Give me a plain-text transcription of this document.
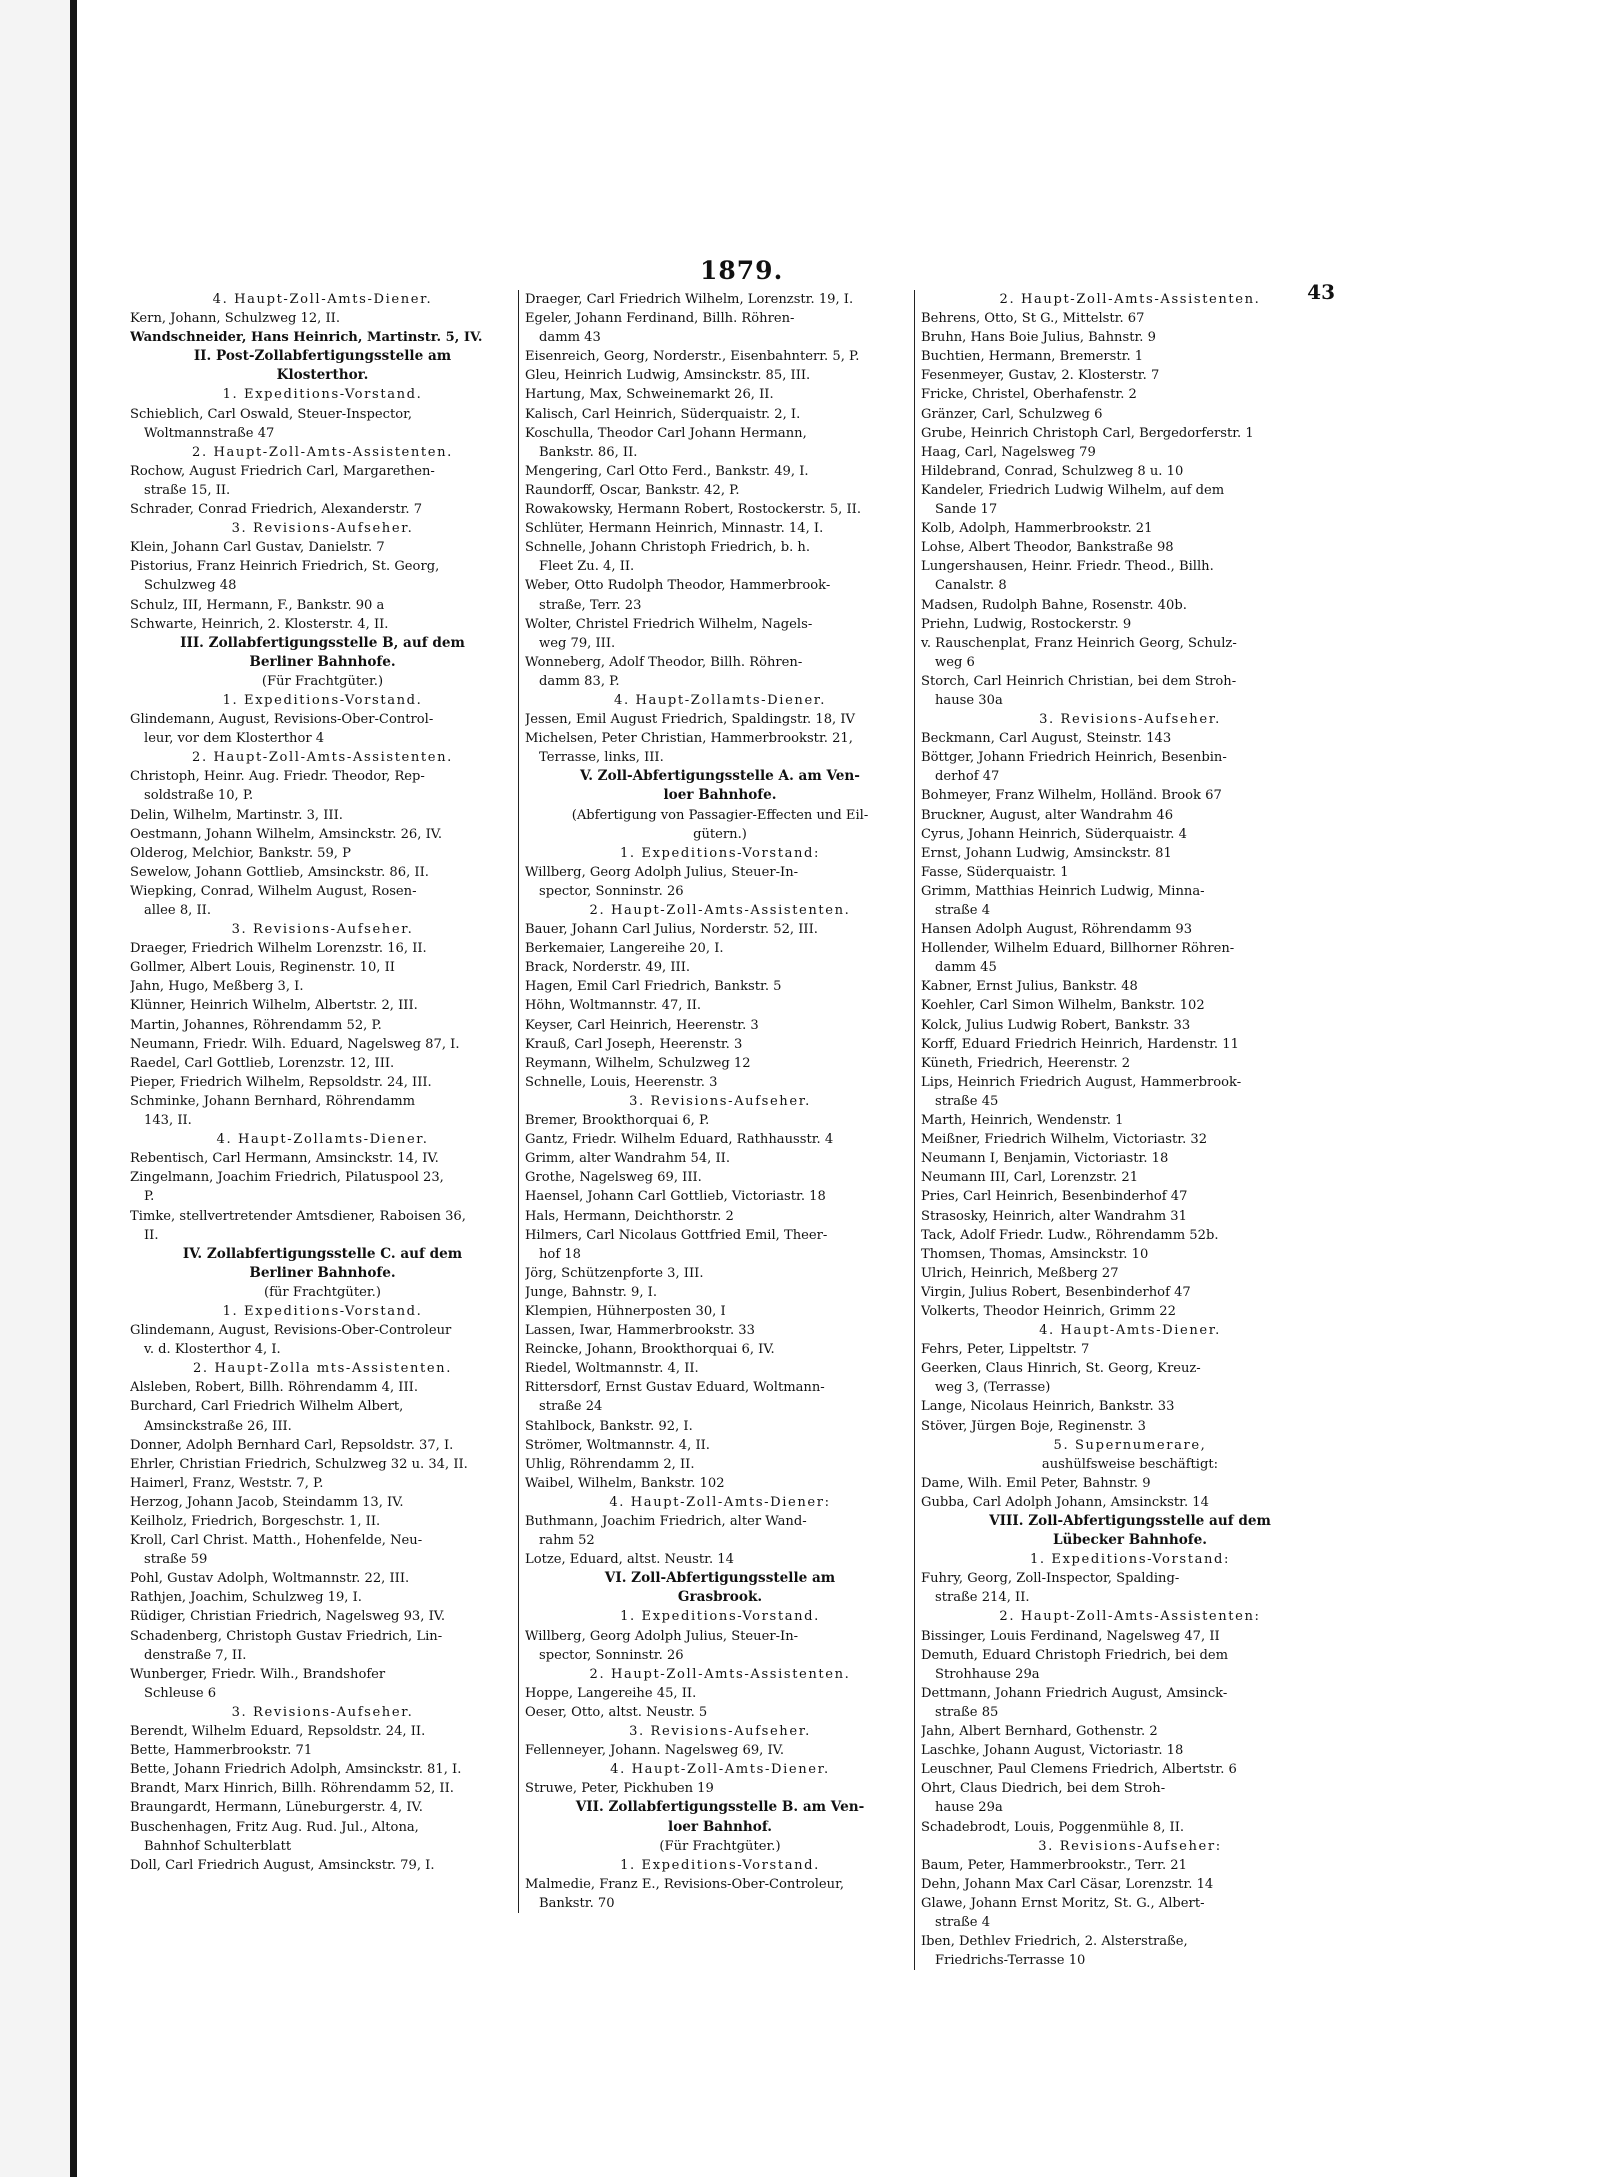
1879.
43
4. Haupt-Zoll-Amts-Diener.
Kern, Johann, Schulzweg 12, II.
Wandschneider, Hans Heinrich, Martinstr. 5, IV.
II. Post-Zollabfertigungsstelle am
Klosterthor.
1. Expeditions-Vorstand.
Schieblich, Carl Oswald, Steuer-Inspector,
Woltmannstraße 47
2. Haupt-Zoll-Amts-Assistenten.
Rochow, August Friedrich Carl, Margarethen-
straße 15, II.
Schrader, Conrad Friedrich, Alexanderstr. 7
3. Revisions-Aufseher.
Klein, Johann Carl Gustav, Danielstr. 7
Pistorius, Franz Heinrich Friedrich, St. Georg,
Schulzweg 48
Schulz, III, Hermann, F., Bankstr. 90 a
Schwarte, Heinrich, 2. Klosterstr. 4, II.
III. Zollabfertigungsstelle B, auf dem
Berliner Bahnhofe.
(Für Frachtgüter.)
1. Expeditions-Vorstand.
Glindemann, August, Revisions-Ober-Control-
leur, vor dem Klosterthor 4
2. Haupt-Zoll-Amts-Assistenten.
Christoph, Heinr. Aug. Friedr. Theodor, Rep-
soldstraße 10, P.
Delin, Wilhelm, Martinstr. 3, III.
Oestmann, Johann Wilhelm, Amsinckstr. 26, IV.
Olderog, Melchior, Bankstr. 59, P
Sewelow, Johann Gottlieb, Amsinckstr. 86, II.
Wiepking, Conrad, Wilhelm August, Rosen-
allee 8, II.
3. Revisions-Aufseher.
Draeger, Friedrich Wilhelm Lorenzstr. 16, II.
Gollmer, Albert Louis, Reginenstr. 10, II
Jahn, Hugo, Meßberg 3, I.
Klünner, Heinrich Wilhelm, Albertstr. 2, III.
Martin, Johannes, Röhrendamm 52, P.
Neumann, Friedr. Wilh. Eduard, Nagelsweg 87, I.
Raedel, Carl Gottlieb, Lorenzstr. 12, III.
Pieper, Friedrich Wilhelm, Repsoldstr. 24, III.
Schminke, Johann Bernhard, Röhrendamm
143, II.
4. Haupt-Zollamts-Diener.
Rebentisch, Carl Hermann, Amsinckstr. 14, IV.
Zingelmann, Joachim Friedrich, Pilatuspool 23,
P.
Timke, stellvertretender Amtsdiener, Raboisen 36,
II.
IV. Zollabfertigungsstelle C. auf dem
Berliner Bahnhofe.
(für Frachtgüter.)
1. Expeditions-Vorstand.
Glindemann, August, Revisions-Ober-Controleur
v. d. Klosterthor 4, I.
2. Haupt-Zolla mts-Assistenten.
Alsleben, Robert, Billh. Röhrendamm 4, III.
Burchard, Carl Friedrich Wilhelm Albert,
Amsinckstraße 26, III.
Donner, Adolph Bernhard Carl, Repsoldstr. 37, I.
Ehrler, Christian Friedrich, Schulzweg 32 u. 34, II.
Haimerl, Franz, Weststr. 7, P.
Herzog, Johann Jacob, Steindamm 13, IV.
Keilholz, Friedrich, Borgeschstr. 1, II.
Kroll, Carl Christ. Matth., Hohenfelde, Neu-
straße 59
Pohl, Gustav Adolph, Woltmannstr. 22, III.
Rathjen, Joachim, Schulzweg 19, I.
Rüdiger, Christian Friedrich, Nagelsweg 93, IV.
Schadenberg, Christoph Gustav Friedrich, Lin-
denstraße 7, II.
Wunberger, Friedr. Wilh., Brandshofer
Schleuse 6
3. Revisions-Aufseher.
Berendt, Wilhelm Eduard, Repsoldstr. 24, II.
Bette, Hammerbrookstr. 71
Bette, Johann Friedrich Adolph, Amsinckstr. 81, I.
Brandt, Marx Hinrich, Billh. Röhrendamm 52, II.
Braungardt, Hermann, Lüneburgerstr. 4, IV.
Buschenhagen, Fritz Aug. Rud. Jul., Altona,
Bahnhof Schulterblatt
Doll, Carl Friedrich August, Amsinckstr. 79, I.
Draeger, Carl Friedrich Wilhelm, Lorenzstr. 19, I.
Egeler, Johann Ferdinand, Billh. Röhren-
damm 43
Eisenreich, Georg, Norderstr., Eisenbahnterr. 5, P.
Gleu, Heinrich Ludwig, Amsinckstr. 85, III.
Hartung, Max, Schweinemarkt 26, II.
Kalisch, Carl Heinrich, Süderquaistr. 2, I.
Koschulla, Theodor Carl Johann Hermann,
Bankstr. 86, II.
Mengering, Carl Otto Ferd., Bankstr. 49, I.
Raundorff, Oscar, Bankstr. 42, P.
Rowakowsky, Hermann Robert, Rostockerstr. 5, II.
Schlüter, Hermann Heinrich, Minnastr. 14, I.
Schnelle, Johann Christoph Friedrich, b. h.
Fleet Zu. 4, II.
Weber, Otto Rudolph Theodor, Hammerbrook-
straße, Terr. 23
Wolter, Christel Friedrich Wilhelm, Nagels-
weg 79, III.
Wonneberg, Adolf Theodor, Billh. Röhren-
damm 83, P.
4. Haupt-Zollamts-Diener.
Jessen, Emil August Friedrich, Spaldingstr. 18, IV
Michelsen, Peter Christian, Hammerbrookstr. 21,
Terrasse, links, III.
V. Zoll-Abfertigungsstelle A. am Ven-
loer Bahnhofe.
(Abfertigung von Passagier-Effecten und Eil-
gütern.)
1. Expeditions-Vorstand:
Willberg, Georg Adolph Julius, Steuer-In-
spector, Sonninstr. 26
2. Haupt-Zoll-Amts-Assistenten.
Bauer, Johann Carl Julius, Norderstr. 52, III.
Berkemaier, Langereihe 20, I.
Brack, Norderstr. 49, III.
Hagen, Emil Carl Friedrich, Bankstr. 5
Höhn, Woltmannstr. 47, II.
Keyser, Carl Heinrich, Heerenstr. 3
Krauß, Carl Joseph, Heerenstr. 3
Reymann, Wilhelm, Schulzweg 12
Schnelle, Louis, Heerenstr. 3
3. Revisions-Aufseher.
Bremer, Brookthorquai 6, P.
Gantz, Friedr. Wilhelm Eduard, Rathhausstr. 4
Grimm, alter Wandrahm 54, II.
Grothe, Nagelsweg 69, III.
Haensel, Johann Carl Gottlieb, Victoriastr. 18
Hals, Hermann, Deichthorstr. 2
Hilmers, Carl Nicolaus Gottfried Emil, Theer-
hof 18
Jörg, Schützenpforte 3, III.
Junge, Bahnstr. 9, I.
Klempien, Hühnerposten 30, I
Lassen, Iwar, Hammerbrookstr. 33
Reincke, Johann, Brookthorquai 6, IV.
Riedel, Woltmannstr. 4, II.
Rittersdorf, Ernst Gustav Eduard, Woltmann-
straße 24
Stahlbock, Bankstr. 92, I.
Strömer, Woltmannstr. 4, II.
Uhlig, Röhrendamm 2, II.
Waibel, Wilhelm, Bankstr. 102
4. Haupt-Zoll-Amts-Diener:
Buthmann, Joachim Friedrich, alter Wand-
rahm 52
Lotze, Eduard, altst. Neustr. 14
VI. Zoll-Abfertigungsstelle am
Grasbrook.
1. Expeditions-Vorstand.
Willberg, Georg Adolph Julius, Steuer-In-
spector, Sonninstr. 26
2. Haupt-Zoll-Amts-Assistenten.
Hoppe, Langereihe 45, II.
Oeser, Otto, altst. Neustr. 5
3. Revisions-Aufseher.
Fellenneyer, Johann. Nagelsweg 69, IV.
4. Haupt-Zoll-Amts-Diener.
Struwe, Peter, Pickhuben 19
VII. Zollabfertigungsstelle B. am Ven-
loer Bahnhof.
(Für Frachtgüter.)
1. Expeditions-Vorstand.
Malmedie, Franz E., Revisions-Ober-Controleur,
Bankstr. 70
2. Haupt-Zoll-Amts-Assistenten.
Behrens, Otto, St G., Mittelstr. 67
Bruhn, Hans Boie Julius, Bahnstr. 9
Buchtien, Hermann, Bremerstr. 1
Fesenmeyer, Gustav, 2. Klosterstr. 7
Fricke, Christel, Oberhafenstr. 2
Gränzer, Carl, Schulzweg 6
Grube, Heinrich Christoph Carl, Bergedorferstr. 1
Haag, Carl, Nagelsweg 79
Hildebrand, Conrad, Schulzweg 8 u. 10
Kandeler, Friedrich Ludwig Wilhelm, auf dem
Sande 17
Kolb, Adolph, Hammerbrookstr. 21
Lohse, Albert Theodor, Bankstraße 98
Lungershausen, Heinr. Friedr. Theod., Billh.
Canalstr. 8
Madsen, Rudolph Bahne, Rosenstr. 40b.
Priehn, Ludwig, Rostockerstr. 9
v. Rauschenplat, Franz Heinrich Georg, Schulz-
weg 6
Storch, Carl Heinrich Christian, bei dem Stroh-
hause 30a
3. Revisions-Aufseher.
Beckmann, Carl August, Steinstr. 143
Böttger, Johann Friedrich Heinrich, Besenbin-
derhof 47
Bohmeyer, Franz Wilhelm, Holländ. Brook 67
Bruckner, August, alter Wandrahm 46
Cyrus, Johann Heinrich, Süderquaistr. 4
Ernst, Johann Ludwig, Amsinckstr. 81
Fasse, Süderquaistr. 1
Grimm, Matthias Heinrich Ludwig, Minna-
straße 4
Hansen Adolph August, Röhrendamm 93
Hollender, Wilhelm Eduard, Billhorner Röhren-
damm 45
Kabner, Ernst Julius, Bankstr. 48
Koehler, Carl Simon Wilhelm, Bankstr. 102
Kolck, Julius Ludwig Robert, Bankstr. 33
Korff, Eduard Friedrich Heinrich, Hardenstr. 11
Küneth, Friedrich, Heerenstr. 2
Lips, Heinrich Friedrich August, Hammerbrook-
straße 45
Marth, Heinrich, Wendenstr. 1
Meißner, Friedrich Wilhelm, Victoriastr. 32
Neumann I, Benjamin, Victoriastr. 18
Neumann III, Carl, Lorenzstr. 21
Pries, Carl Heinrich, Besenbinderhof 47
Strasosky, Heinrich, alter Wandrahm 31
Tack, Adolf Friedr. Ludw., Röhrendamm 52b.
Thomsen, Thomas, Amsinckstr. 10
Ulrich, Heinrich, Meßberg 27
Virgin, Julius Robert, Besenbinderhof 47
Volkerts, Theodor Heinrich, Grimm 22
4. Haupt-Amts-Diener.
Fehrs, Peter, Lippeltstr. 7
Geerken, Claus Hinrich, St. Georg, Kreuz-
weg 3, (Terrasse)
Lange, Nicolaus Heinrich, Bankstr. 33
Stöver, Jürgen Boje, Reginenstr. 3
5. Supernumerare,
aushülfsweise beschäftigt:
Dame, Wilh. Emil Peter, Bahnstr. 9
Gubba, Carl Adolph Johann, Amsinckstr. 14
VIII. Zoll-Abfertigungsstelle auf dem
Lübecker Bahnhofe.
1. Expeditions-Vorstand:
Fuhry, Georg, Zoll-Inspector, Spalding-
straße 214, II.
2. Haupt-Zoll-Amts-Assistenten:
Bissinger, Louis Ferdinand, Nagelsweg 47, II
Demuth, Eduard Christoph Friedrich, bei dem
Strohhause 29a
Dettmann, Johann Friedrich August, Amsinck-
straße 85
Jahn, Albert Bernhard, Gothenstr. 2
Laschke, Johann August, Victoriastr. 18
Leuschner, Paul Clemens Friedrich, Albertstr. 6
Ohrt, Claus Diedrich, bei dem Stroh-
hause 29a
Schadebrodt, Louis, Poggenmühle 8, II.
3. Revisions-Aufseher:
Baum, Peter, Hammerbrookstr., Terr. 21
Dehn, Johann Max Carl Cäsar, Lorenzstr. 14
Glawe, Johann Ernst Moritz, St. G., Albert-
straße 4
Iben, Dethlev Friedrich, 2. Alsterstraße,
Friedrichs-Terrasse 10
